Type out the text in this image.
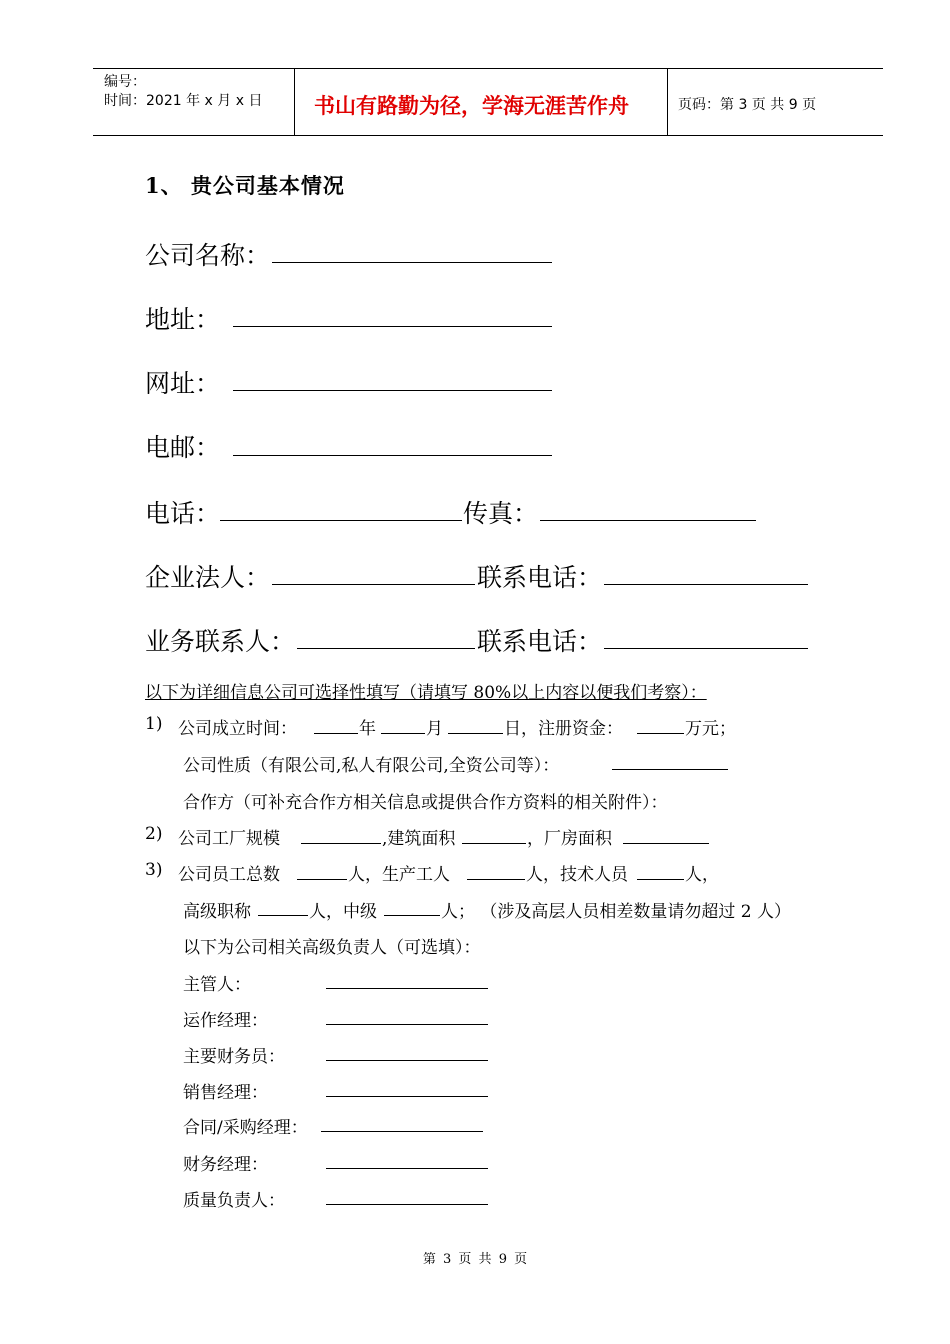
编号：
时间：2021 年 x 月 x 日 书山有路勤为径，学海无涯苦作舟	页码：第 3 页 共 9 页
1、 贵公司基本情况
公司名称：
地址：
网址：
电邮：
电话：	传真：
企业法人：	联系电话：
业务联系人：	联系电话：
以下为详细信息公司可选择性填写（请填写 80%以上内容以便我们考察）：
1) 公司成立时间：	年	月	日，注册资金：	万元；
公司性质（有限公司,私人有限公司,全资公司等）：
合作方（可补充合作方相关信息或提供合作方资料的相关附件）：
2) 公司工厂规模	,建筑面积	，厂房面积
3) 公司员工总数	人，生产工人	人，技术人员	人，
高级职称	人，中级	人； （涉及高层人员相差数量请勿超过 2 人）
以下为公司相关高级负责人（可选填）：
主管人：
运作经理：
主要财务员：
销售经理：
合同/采购经理：
财务经理：
质量负责人：
第 3 页 共 9 页
